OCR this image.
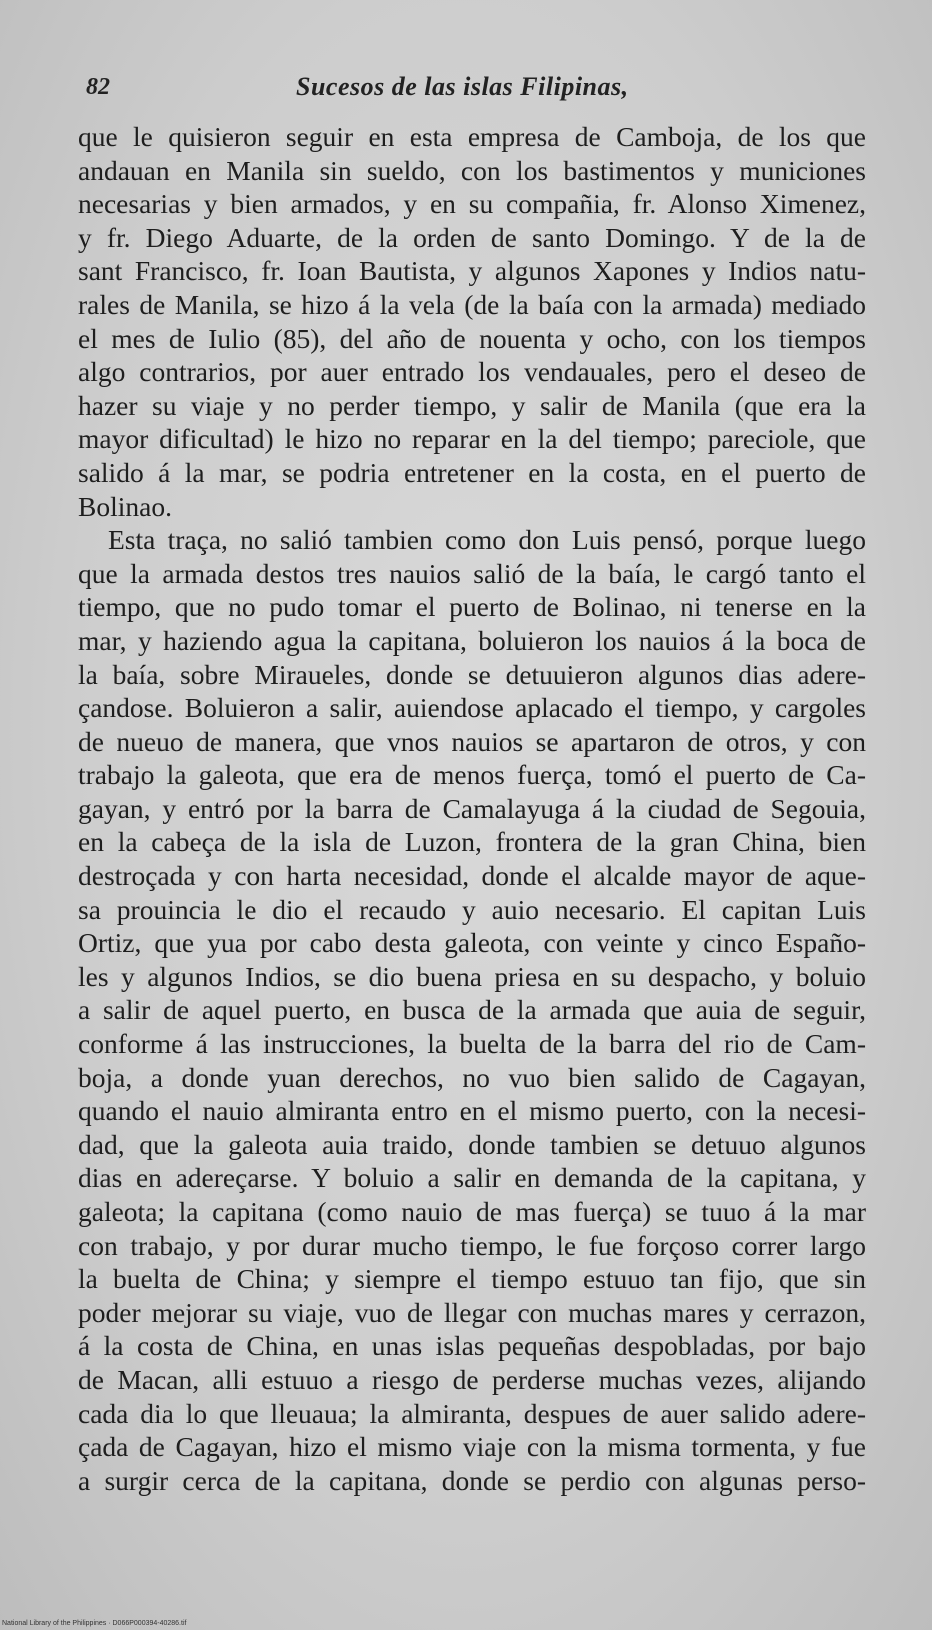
82	Sucesos de las islas Filipinas,
que le quisieron seguir en esta empresa de Camboja, de los que
andauan en Manila sin sueldo, con los bastimentos y municiones
necesarias y bien armados, y en su compañia, fr. Alonso Ximenez,
y fr. Diego Aduarte, de la orden de santo Domingo. Y de la de
sant Francisco, fr. Ioan Bautista, y algunos Xapones y Indios natu-
rales de Manila, se hizo á la vela (de la baía con la armada) mediado
el mes de Iulio (85), del año de nouenta y ocho, con los tiempos
algo contrarios, por auer entrado los vendauales, pero el deseo de
hazer su viaje y no perder tiempo, y salir de Manila (que era la
mayor dificultad) le hizo no reparar en la del tiempo; pareciole, que
salido á la mar, se podria entretener en la costa, en el puerto de
Bolinao.
Esta traça, no salió tambien como don Luis pensó, porque luego
que la armada destos tres nauios salió de la baía, le cargó tanto el
tiempo, que no pudo tomar el puerto de Bolinao, ni tenerse en la
mar, y haziendo agua la capitana, boluieron los nauios á la boca de
la baía, sobre Miraueles, donde se detuuieron algunos dias adere-
çandose. Boluieron a salir, auiendose aplacado el tiempo, y cargoles
de nueuo de manera, que vnos nauios se apartaron de otros, y con
trabajo la galeota, que era de menos fuerça, tomó el puerto de Ca-
gayan, y entró por la barra de Camalayuga á la ciudad de Segouia,
en la cabeça de la isla de Luzon, frontera de la gran China, bien
destroçada y con harta necesidad, donde el alcalde mayor de aque-
sa prouincia le dio el recaudo y auio necesario. El capitan Luis
Ortiz, que yua por cabo desta galeota, con veinte y cinco Españo-
les y algunos Indios, se dio buena priesa en su despacho, y boluio
a salir de aquel puerto, en busca de la armada que auia de seguir,
conforme á las instrucciones, la buelta de la barra del rio de Cam-
boja, a donde yuan derechos, no vuo bien salido de Cagayan,
quando el nauio almiranta entro en el mismo puerto, con la necesi-
dad, que la galeota auia traido, donde tambien se detuuo algunos
dias en adereçarse. Y boluio a salir en demanda de la capitana, y
galeota; la capitana (como nauio de mas fuerça) se tuuo á la mar
con trabajo, y por durar mucho tiempo, le fue forçoso correr largo
la buelta de China; y siempre el tiempo estuuo tan fijo, que sin
poder mejorar su viaje, vuo de llegar con muchas mares y cerrazon,
á la costa de China, en unas islas pequeñas despobladas, por bajo
de Macan, alli estuuo a riesgo de perderse muchas vezes, alijando
cada dia lo que lleuaua; la almiranta, despues de auer salido adere-
çada de Cagayan, hizo el mismo viaje con la misma tormenta, y fue
a surgir cerca de la capitana, donde se perdio con algunas perso-
National Library of the Philippines · D066P000394-40286.tif
